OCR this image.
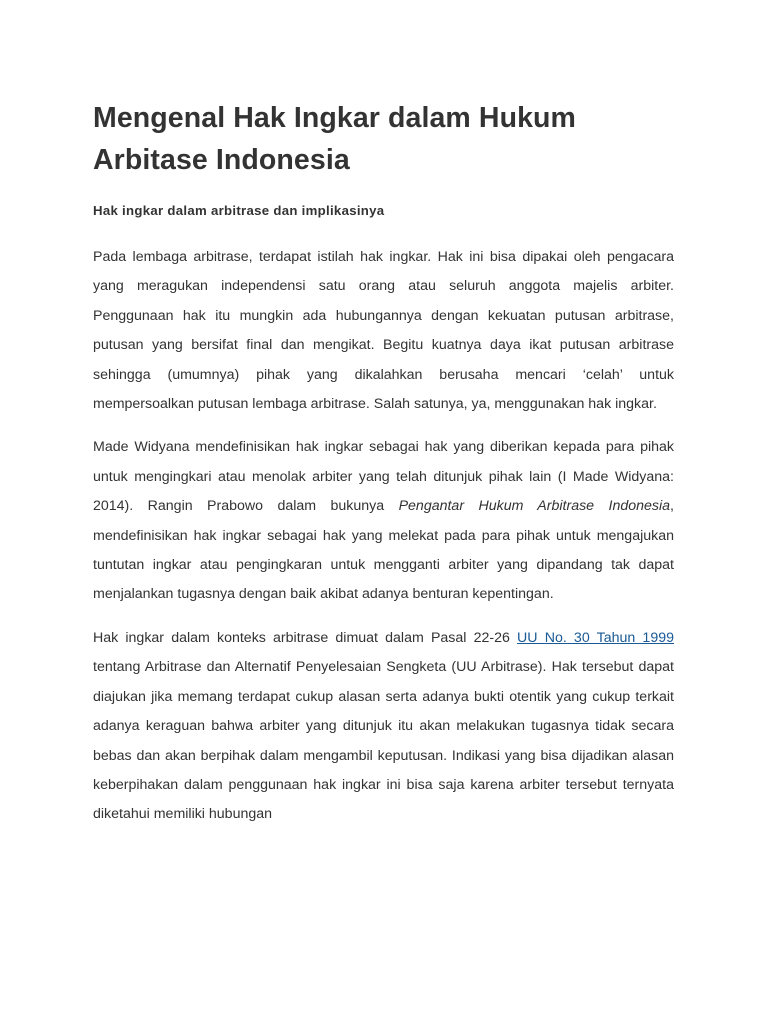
Mengenal Hak Ingkar dalam Hukum Arbitase Indonesia
Hak ingkar dalam arbitrase dan implikasinya

Pada lembaga arbitrase, terdapat istilah hak ingkar. Hak ini bisa dipakai oleh pengacara yang meragukan independensi satu orang atau seluruh anggota majelis arbiter. Penggunaan hak itu mungkin ada hubungannya dengan kekuatan putusan arbitrase, putusan yang bersifat final dan mengikat. Begitu kuatnya daya ikat putusan arbitrase sehingga (umumnya) pihak yang dikalahkan berusaha mencari ‘celah’ untuk mempersoalkan putusan lembaga arbitrase. Salah satunya, ya, menggunakan hak ingkar.

Made Widyana mendefinisikan hak ingkar sebagai hak yang diberikan kepada para pihak untuk mengingkari atau menolak arbiter yang telah ditunjuk pihak lain (I Made Widyana: 2014). Rangin Prabowo dalam bukunya Pengantar Hukum Arbitrase Indonesia, mendefinisikan hak ingkar sebagai hak yang melekat pada para pihak untuk mengajukan tuntutan ingkar atau pengingkaran untuk mengganti arbiter yang dipandang tak dapat menjalankan tugasnya dengan baik akibat adanya benturan kepentingan.

Hak ingkar dalam konteks arbitrase dimuat dalam Pasal 22-26 UU No. 30 Tahun 1999 tentang Arbitrase dan Alternatif Penyelesaian Sengketa (UU Arbitrase). Hak tersebut dapat diajukan jika memang terdapat cukup alasan serta adanya bukti otentik yang cukup terkait adanya keraguan bahwa arbiter yang ditunjuk itu akan melakukan tugasnya tidak secara bebas dan akan berpihak dalam mengambil keputusan. Indikasi yang bisa dijadikan alasan keberpihakan dalam penggunaan hak ingkar ini bisa saja karena arbiter tersebut ternyata diketahui memiliki hubungan
